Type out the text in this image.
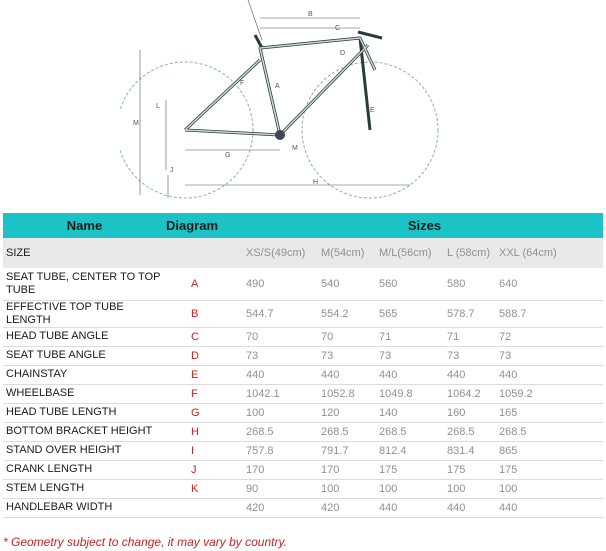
B
C
D
A
F
E
L
M
G
M
J
H
Name	Diagram	Sizes				
SIZE		XS/S(49cm)	M(54cm)	M/L(56cm)	L (58cm)	XXL (64cm)
SEAT TUBE, CENTER TO TOP TUBE	A	490	540	560	580	640
EFFECTIVE TOP TUBE LENGTH	B	544.7	554.2	565	578.7	588.7
HEAD TUBE ANGLE	C	70	70	71	71	72
SEAT TUBE ANGLE	D	73	73	73	73	73
CHAINSTAY	E	440	440	440	440	440
WHEELBASE	F	1042.1	1052.8	1049.8	1064.2	1059.2
HEAD TUBE LENGTH	G	100	120	140	160	165
BOTTOM BRACKET HEIGHT	H	268.5	268.5	268.5	268.5	268.5
STAND OVER HEIGHT	I	757.8	791.7	812.4	831.4	865
CRANK LENGTH	J	170	170	175	175	175
STEM LENGTH	K	90	100	100	100	100
HANDLEBAR WIDTH		420	420	440	440	440
* Geometry subject to change, it may vary by country.
